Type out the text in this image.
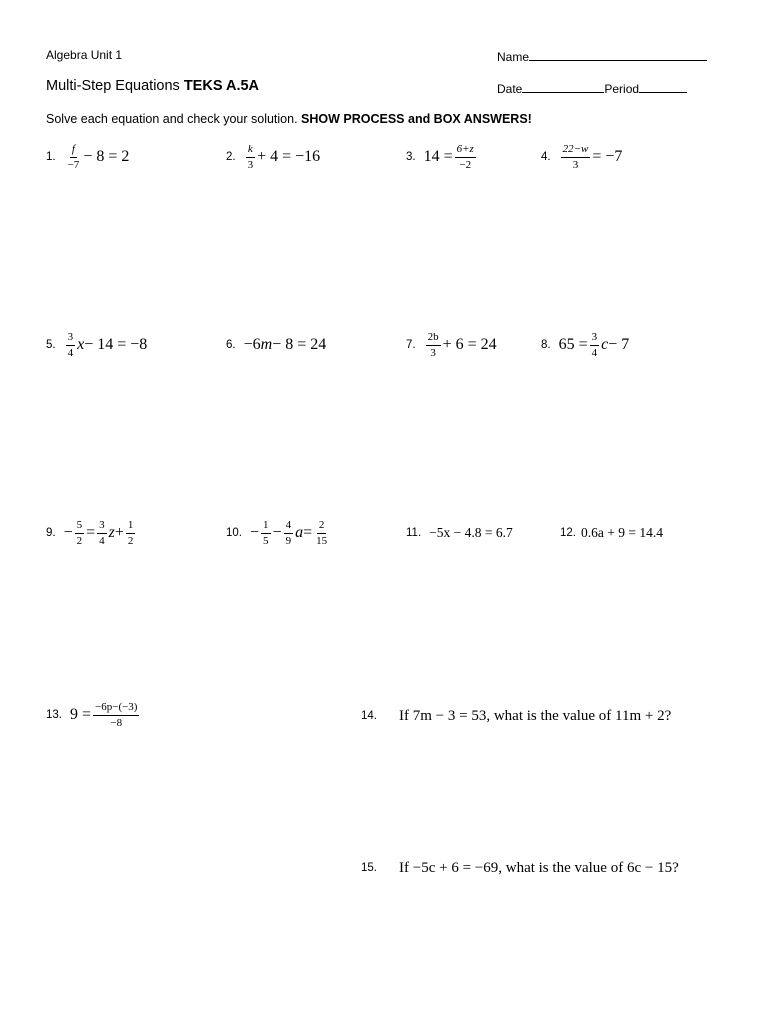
Algebra Unit 1
Multi-Step Equations TEKS A.5A
Name
Date	Period
Solve each equation and check your solution. SHOW PROCESS and BOX ANSWERS!
1. $\frac{f}{-7} - 8 = 2$	2. $\frac{k}{3} + 4 = -16$	3. $14 = \frac{6+z}{-2}$	4. $\frac{22-w}{3} = -7$
5. $\frac{3}{4}$ x − 14 = −8	6. −6 m − 8 = 24	7. $\frac{2b}{3} + 6 = 24$	8. $65 = \frac{3}{4}$ c − 7
9. − $\frac{5}{2} = \frac{3}{4}$ $z + \frac{1}{2}$	10. − $\frac{1}{5} - \frac{4}{9}$ $a = \frac{2}{15}$	11. −5x − 4.8 = 6.7	12. 0.6a + 9 = 14.4
13. $9 = \frac{-6p-(-3)}{-8}$	14. If 7m − 3 = 53, what is the value of 11m + 2?
15. If −5c + 6 = −69, what is the value of 6c − 15?
